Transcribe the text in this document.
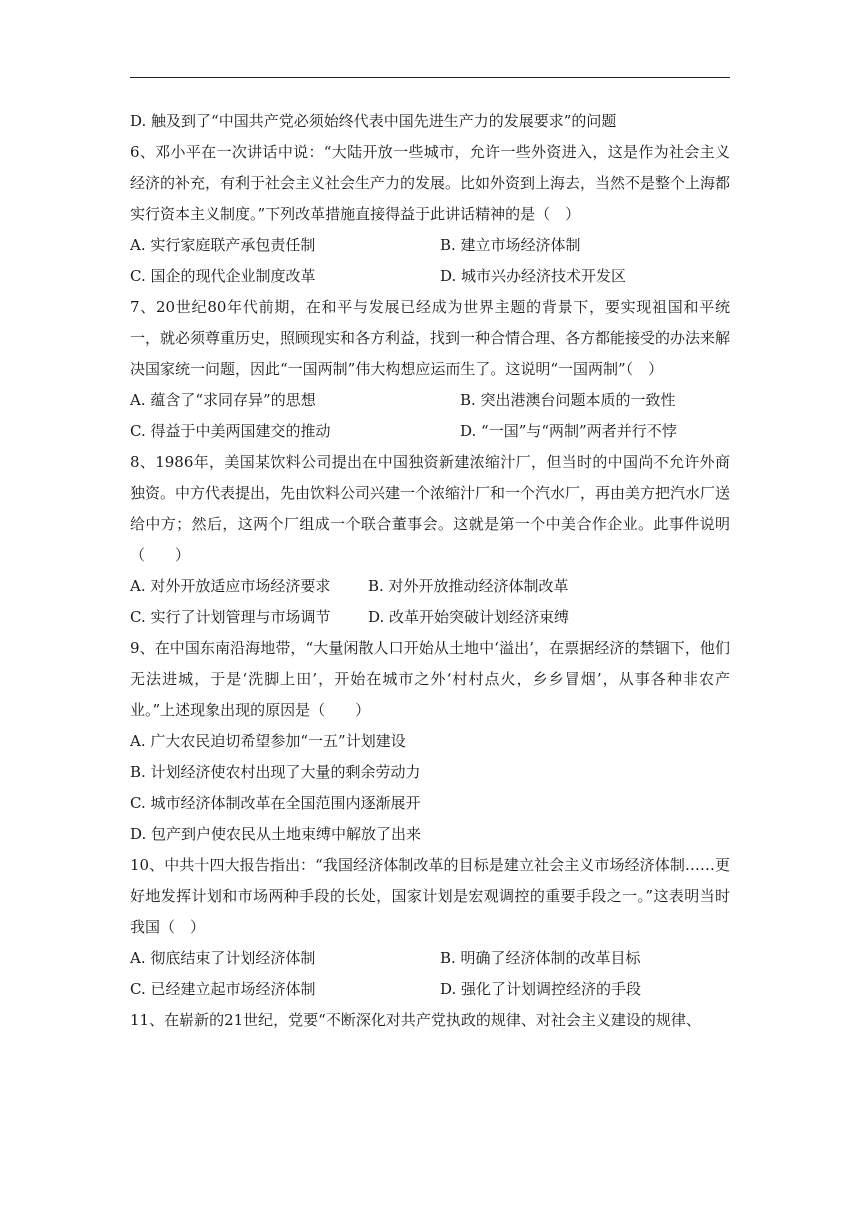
D. 触及到了“中国共产党必须始终代表中国先进生产力的发展要求”的问题
6、邓小平在一次讲话中说：“大陆开放一些城市，允许一些外资进入，这是作为社会主义经济的补充，有利于社会主义社会生产力的发展。比如外资到上海去，当然不是整个上海都实行资本主义制度。”下列改革措施直接得益于此讲话精神的是（　）
A. 实行家庭联产承包责任制	B. 建立市场经济体制
C. 国企的现代企业制度改革	D. 城市兴办经济技术开发区
7、20世纪80年代前期，在和平与发展已经成为世界主题的背景下，要实现祖国和平统一，就必须尊重历史，照顾现实和各方利益，找到一种合情合理、各方都能接受的办法来解决国家统一问题，因此“一国两制”伟大构想应运而生了。这说明“一国两制”（　）
A. 蕴含了“求同存异”的思想	B. 突出港澳台问题本质的一致性
C. 得益于中美两国建交的推动	D. “一国”与“两制”两者并行不悖
8、1986年，美国某饮料公司提出在中国独资新建浓缩汁厂，但当时的中国尚不允许外商独资。中方代表提出，先由饮料公司兴建一个浓缩汁厂和一个汽水厂，再由美方把汽水厂送给中方；然后，这两个厂组成一个联合董事会。这就是第一个中美合作企业。此事件说明（　　）
A. 对外开放适应市场经济要求	B. 对外开放推动经济体制改革
C. 实行了计划管理与市场调节	D. 改革开始突破计划经济束缚
9、在中国东南沿海地带，“大量闲散人口开始从土地中‘溢出’，在票据经济的禁锢下，他们无法进城，于是‘洗脚上田’，开始在城市之外‘村村点火，乡乡冒烟’，从事各种非农产业。”上述现象出现的原因是（　　）
A. 广大农民迫切希望参加“一五”计划建设
B. 计划经济使农村出现了大量的剩余劳动力
C. 城市经济体制改革在全国范围内逐渐展开
D. 包产到户使农民从土地束缚中解放了出来
10、中共十四大报告指出：“我国经济体制改革的目标是建立社会主义市场经济体制……更好地发挥计划和市场两种手段的长处，国家计划是宏观调控的重要手段之一。”这表明当时我国（　）
A. 彻底结束了计划经济体制	B. 明确了经济体制的改革目标
C. 已经建立起市场经济体制	D. 强化了计划调控经济的手段
11、在崭新的21世纪，党要“不断深化对共产党执政的规律、对社会主义建设的规律、
